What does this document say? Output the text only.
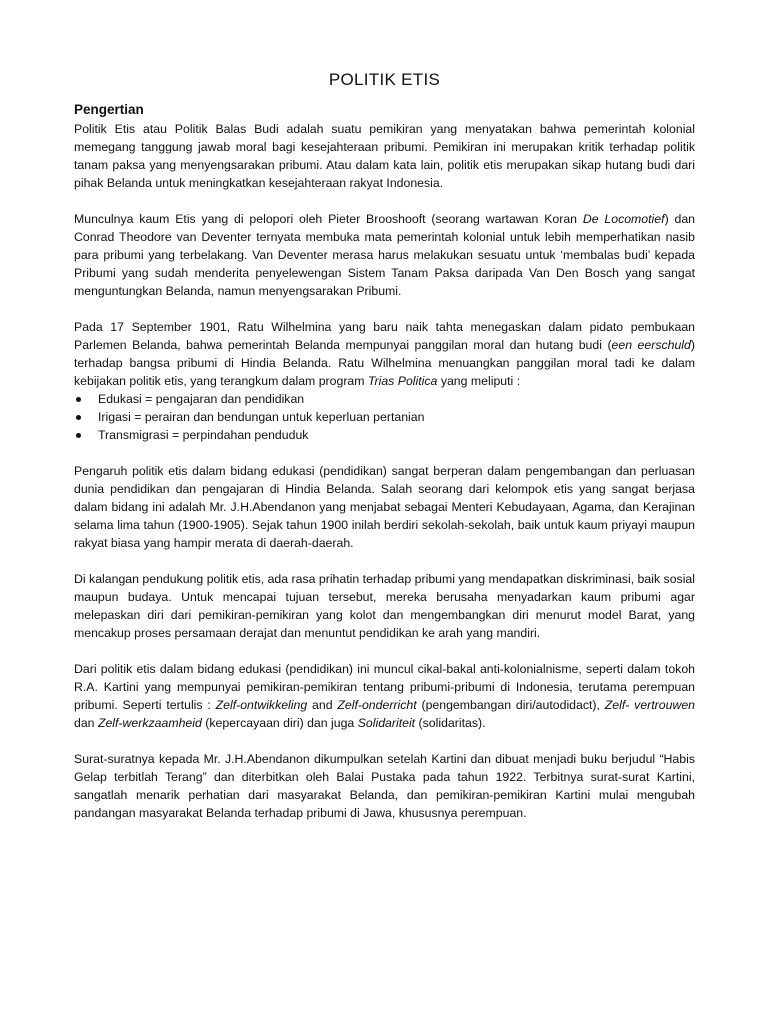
POLITIK ETIS
Pengertian

Politik Etis atau Politik Balas Budi adalah suatu pemikiran yang menyatakan bahwa pemerintah kolonial memegang tanggung jawab moral bagi kesejahteraan pribumi. Pemikiran ini merupakan kritik terhadap politik tanam paksa yang menyengsarakan pribumi. Atau dalam kata lain, politik etis merupakan sikap hutang budi dari pihak Belanda untuk meningkatkan kesejahteraan rakyat Indonesia.

Munculnya kaum Etis yang di pelopori oleh Pieter Brooshooft (seorang wartawan Koran De Locomotief) dan Conrad Theodore van Deventer ternyata membuka mata pemerintah kolonial untuk lebih memperhatikan nasib para pribumi yang terbelakang. Van Deventer merasa harus melakukan sesuatu untuk ‘membalas budi’ kepada Pribumi yang sudah menderita penyelewengan Sistem Tanam Paksa daripada Van Den Bosch yang sangat menguntungkan Belanda, namun menyengsarakan Pribumi.

Pada 17 September 1901, Ratu Wilhelmina yang baru naik tahta menegaskan dalam pidato pembukaan Parlemen Belanda, bahwa pemerintah Belanda mempunyai panggilan moral dan hutang budi (een eerschuld) terhadap bangsa pribumi di Hindia Belanda. Ratu Wilhelmina menuangkan panggilan moral tadi ke dalam kebijakan politik etis, yang terangkum dalam program Trias Politica yang meliputi :

Edukasi = pengajaran dan pendidikan
Irigasi = perairan dan bendungan untuk keperluan pertanian
Transmigrasi = perpindahan penduduk

Pengaruh politik etis dalam bidang edukasi (pendidikan) sangat berperan dalam pengembangan dan perluasan dunia pendidikan dan pengajaran di Hindia Belanda. Salah seorang dari kelompok etis yang sangat berjasa dalam bidang ini adalah Mr. J.H.Abendanon yang menjabat sebagai Menteri Kebudayaan, Agama, dan Kerajinan selama lima tahun (1900-1905). Sejak tahun 1900 inilah berdiri sekolah-sekolah, baik untuk kaum priyayi maupun rakyat biasa yang hampir merata di daerah-daerah.

Di kalangan pendukung politik etis, ada rasa prihatin terhadap pribumi yang mendapatkan diskriminasi, baik sosial maupun budaya. Untuk mencapai tujuan tersebut, mereka berusaha menyadarkan kaum pribumi agar melepaskan diri dari pemikiran-pemikiran yang kolot dan mengembangkan diri menurut model Barat, yang mencakup proses persamaan derajat dan menuntut pendidikan ke arah yang mandiri.

Dari politik etis dalam bidang edukasi (pendidikan) ini muncul cikal-bakal anti-kolonialnisme, seperti dalam tokoh R.A. Kartini yang mempunyai pemikiran-pemikiran tentang pribumi-pribumi di Indonesia, terutama perempuan pribumi. Seperti tertulis : Zelf-ontwikkeling and Zelf-onderricht (pengembangan diri/autodidact), Zelf- vertrouwen dan Zelf-werkzaamheid (kepercayaan diri) dan juga Solidariteit (solidaritas).

Surat-suratnya kepada Mr. J.H.Abendanon dikumpulkan setelah Kartini dan dibuat menjadi buku berjudul “Habis Gelap terbitlah Terang” dan diterbitkan oleh Balai Pustaka pada tahun 1922. Terbitnya surat-surat Kartini, sangatlah menarik perhatian dari masyarakat Belanda, dan pemikiran-pemikiran Kartini mulai mengubah pandangan masyarakat Belanda terhadap pribumi di Jawa, khususnya perempuan.
